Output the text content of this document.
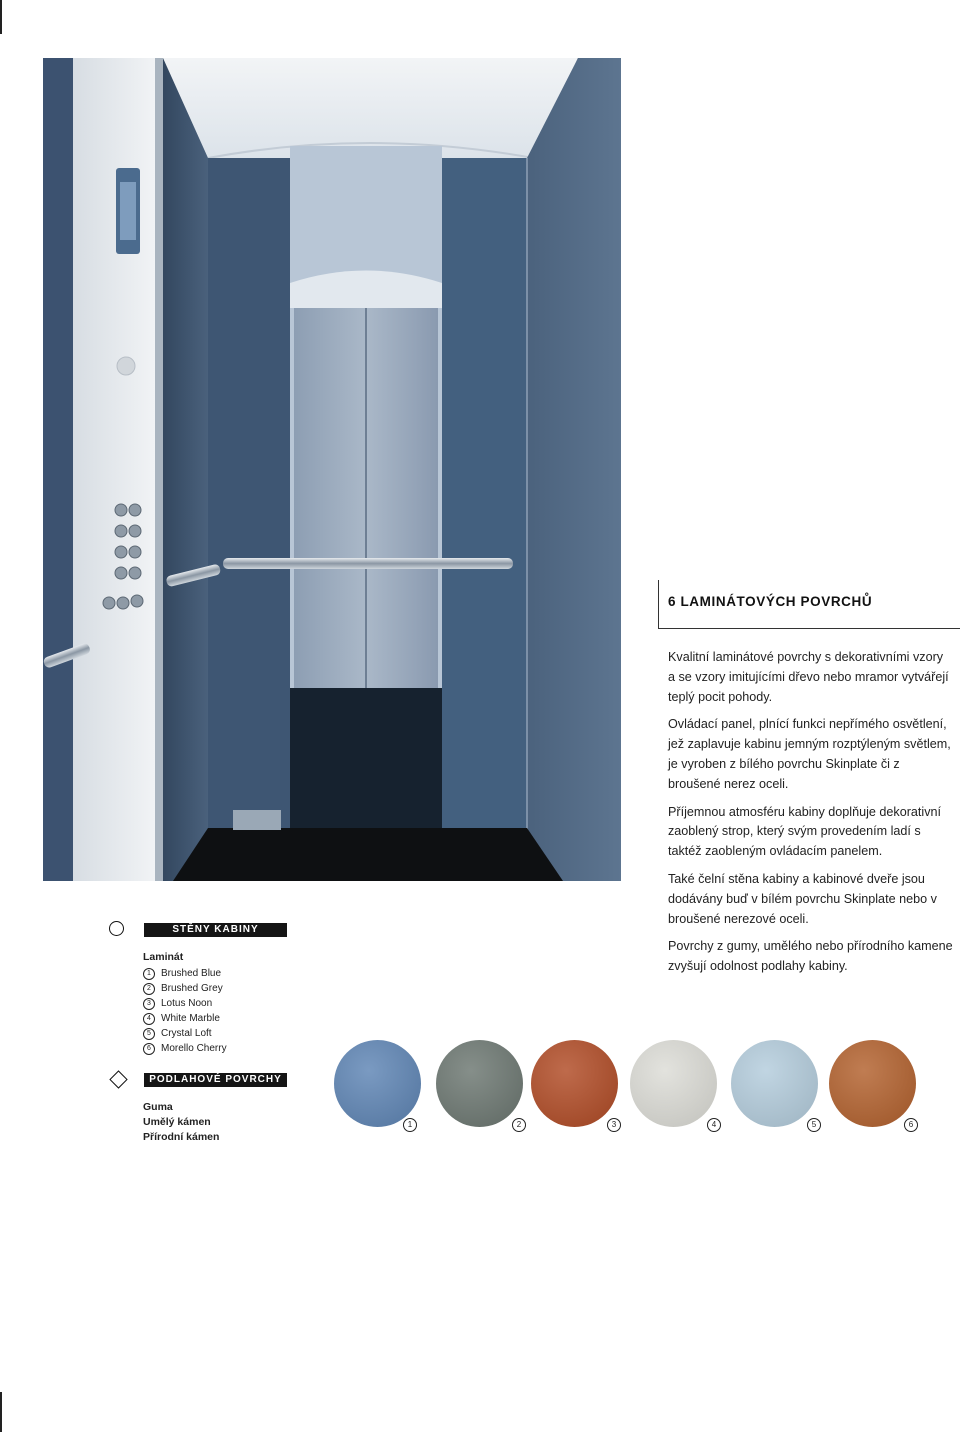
6 LAMINÁTOVÝCH POVRCHŮ

Kvalitní laminátové povrchy s dekorativními vzory a se vzory imitujícími dřevo nebo mramor vytvářejí teplý pocit pohody.

Ovládací panel, plnící funkci nepřímého osvětlení, jež zaplavuje kabinu jemným rozptýleným světlem, je vyroben z bílého povrchu Skinplate či z broušené nerez oceli.

Příjemnou atmosféru kabiny doplňuje dekorativní zaoblený strop, který svým provedením ladí s taktéž zaobleným ovládacím panelem.

Také čelní stěna kabiny a kabinové dveře jsou dodávány buď v bílém povrchu Skinplate nebo v broušené nerezové oceli.

Povrchy z gumy, umělého nebo přírodního kamene zvyšují odolnost podlahy kabiny.

STĚNY KABINY
Laminát
1	Brushed Blue
2	Brushed Grey
3	Lotus Noon
4	White Marble
5	Crystal Loft
6	Morello Cherry
PODLAHOVÉ POVRCHY
Guma
Umělý kámen
Přírodní kámen
1	2	3	4	5	6
